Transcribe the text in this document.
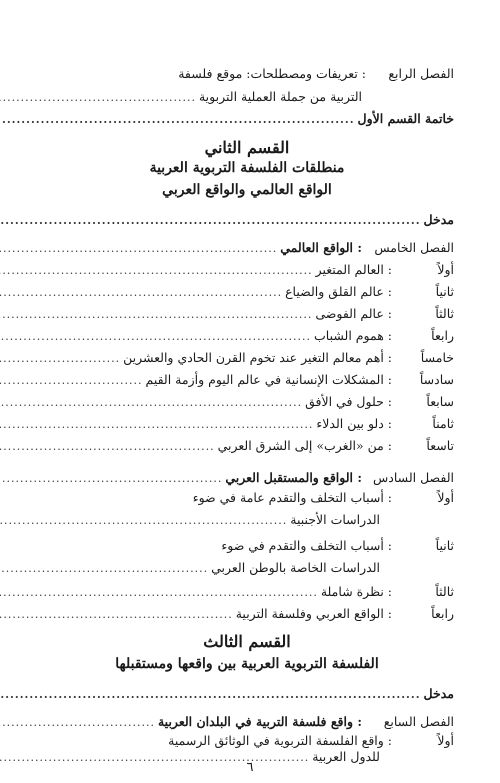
الفصل الرابع
: تعريفات ومصطلحات: موقع فلسفة
التربية من جملة العملية التربوية
.....
خاتمة القسم الأول
.....
القسم الثاني
منطلقات الفلسفة التربوية العربية
الواقع العالمي والواقع العربي
مدخل
.....
الفصل الخامس
: الواقع العالمي
.....
أولاً
: العالم المتغير
.....
ثانياً
: عالم القلق والضياع
.....
ثالثاً
: عالم الفوضى
.....
رابعاً
: هموم الشباب
.....
خامساً
: أهم معالم التغير عند تخوم القرن الحادي والعشرين
.....
سادساً
: المشكلات الإنسانية في عالم اليوم وأزمة القيم
.....
سابعاً
: حلول في الأفق
.....
ثامناً
: دلو بين الدلاء
.....
تاسعاً
: من «الغرب» إلى الشرق العربي
.....
الفصل السادس
: الواقع والمستقبل العربي
.....
أولاً
: أسباب التخلف والتقدم عامة في ضوء
الدراسات الأجنبية
.....
ثانياً
: أسباب التخلف والتقدم في ضوء
الدراسات الخاصة بالوطن العربي
.....
ثالثاً
: نظرة شاملة
.....
رابعاً
: الواقع العربي وفلسفة التربية
.....
القسم الثالث
الفلسفة التربوية العربية بين واقعها ومستقبلها
مدخل
.....
الفصل السابع
: واقع فلسفة التربية في البلدان العربية
.....
أولاً
: واقع الفلسفة التربوية في الوثائق الرسمية
للدول العربية
.....
٦
